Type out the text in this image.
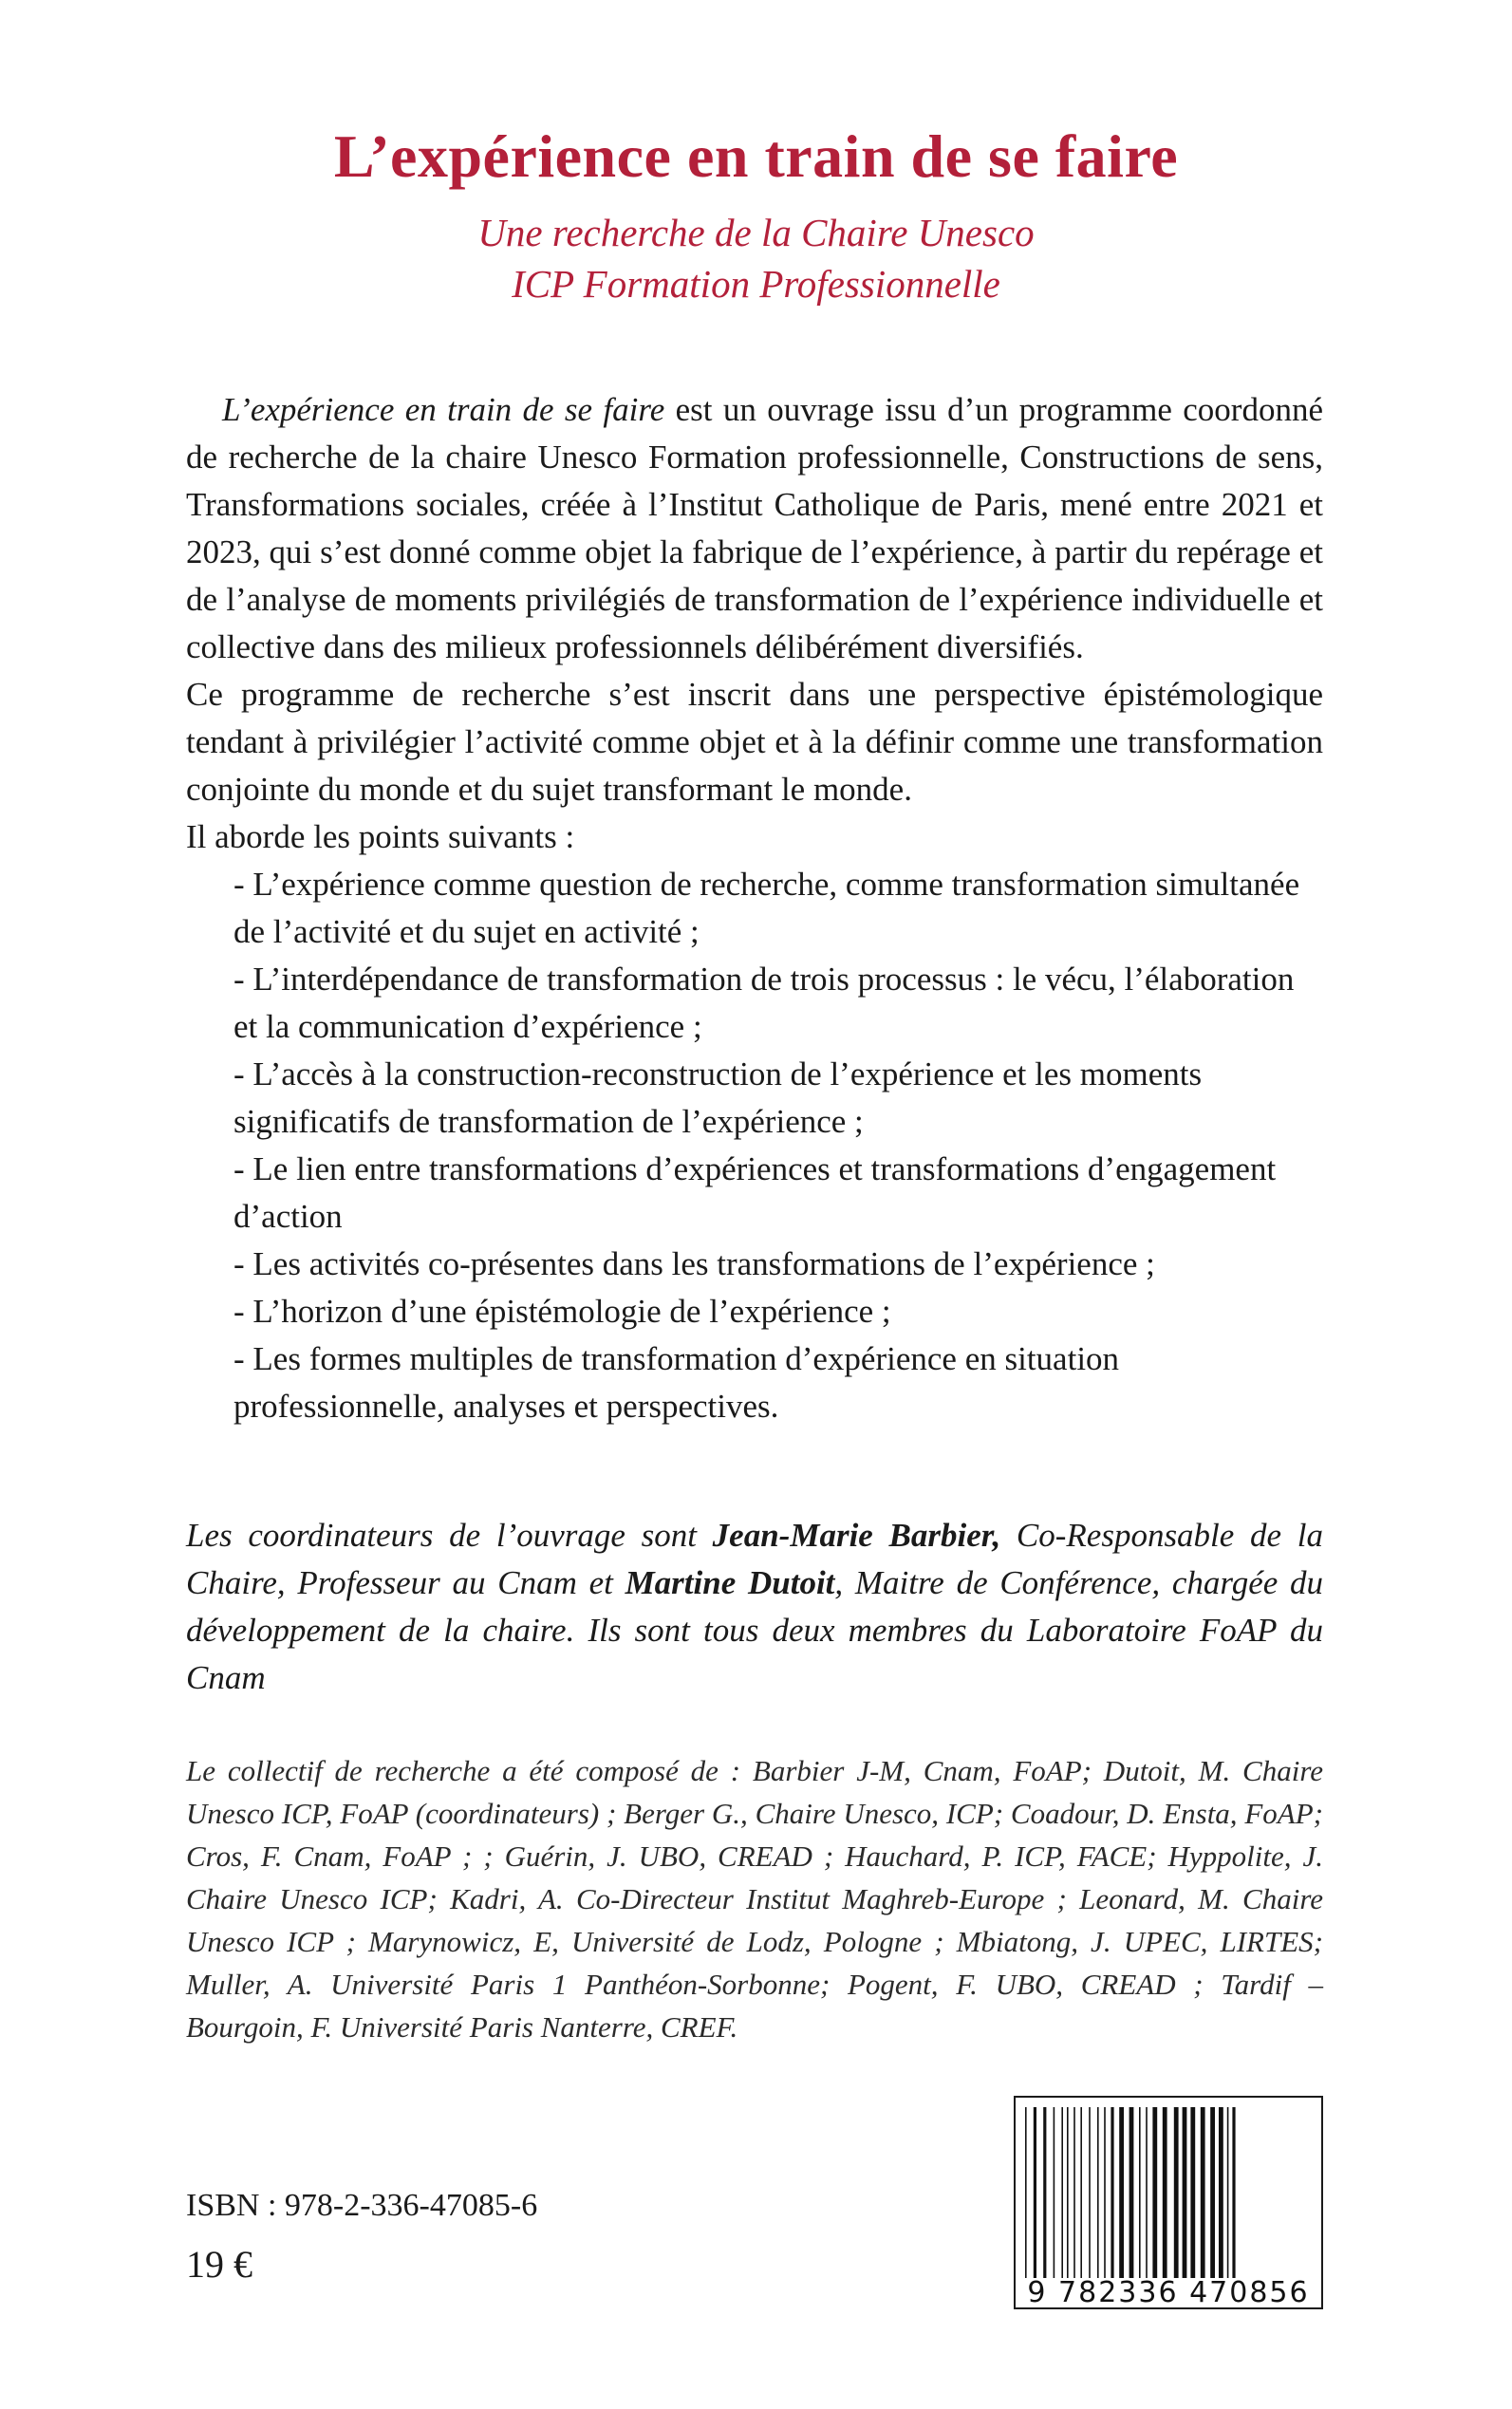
L’expérience en train de se faire
Une recherche de la Chaire Unesco
ICP Formation Professionnelle

L’expérience en train de se faire est un ouvrage issu d’un programme coordonné de recherche de la chaire Unesco Formation professionnelle, Constructions de sens, Transformations sociales, créée à l’Institut Catholique de Paris, mené entre 2021 et 2023, qui s’est donné comme objet la fabrique de l’expérience, à partir du repérage et de l’analyse de moments privilégiés de transformation de l’expérience individuelle et collective dans des milieux professionnels délibérément diversifiés.

Ce programme de recherche s’est inscrit dans une perspective épistémologique tendant à privilégier l’activité comme objet et à la définir comme une transformation conjointe du monde et du sujet transformant le monde.

Il aborde les points suivants :

- L’expérience comme question de recherche, comme transformation simultanée de l’activité et du sujet en activité ;
- L’interdépendance de transformation de trois processus : le vécu, l’élaboration et la communication d’expérience ;
- L’accès à la construction-reconstruction de l’expérience et les moments significatifs de transformation de l’expérience ;
- Le lien entre transformations d’expériences et transformations d’engagement d’action
- Les activités co-présentes dans les transformations de l’expérience ;
- L’horizon d’une épistémologie de l’expérience ;
- Les formes multiples de transformation d’expérience en situation professionnelle, analyses et perspectives.
Les coordinateurs de l’ouvrage sont Jean-Marie Barbier, Co-Responsable de la Chaire, Professeur au Cnam et Martine Dutoit, Maitre de Conférence, chargée du développement de la chaire. Ils sont tous deux membres du Laboratoire FoAP du Cnam
Le collectif de recherche a été composé de : Barbier J-M, Cnam, FoAP; Dutoit, M. Chaire Unesco ICP, FoAP (coordinateurs) ; Berger G., Chaire Unesco, ICP; Coadour, D. Ensta, FoAP; Cros, F. Cnam, FoAP ; ; Guérin, J. UBO, CREAD ; Hauchard, P. ICP, FACE; Hyppolite, J. Chaire Unesco ICP; Kadri, A. Co-Directeur Institut Maghreb-Europe ; Leonard, M. Chaire Unesco ICP ; Marynowicz, E, Université de Lodz, Pologne ; Mbiatong, J. UPEC, LIRTES; Muller, A. Université Paris 1 Panthéon-Sorbonne; Pogent, F. UBO, CREAD ; Tardif – Bourgoin, F. Université Paris Nanterre, CREF.
ISBN : 978-2-336-47085-6
19 €
9 782336 470856
